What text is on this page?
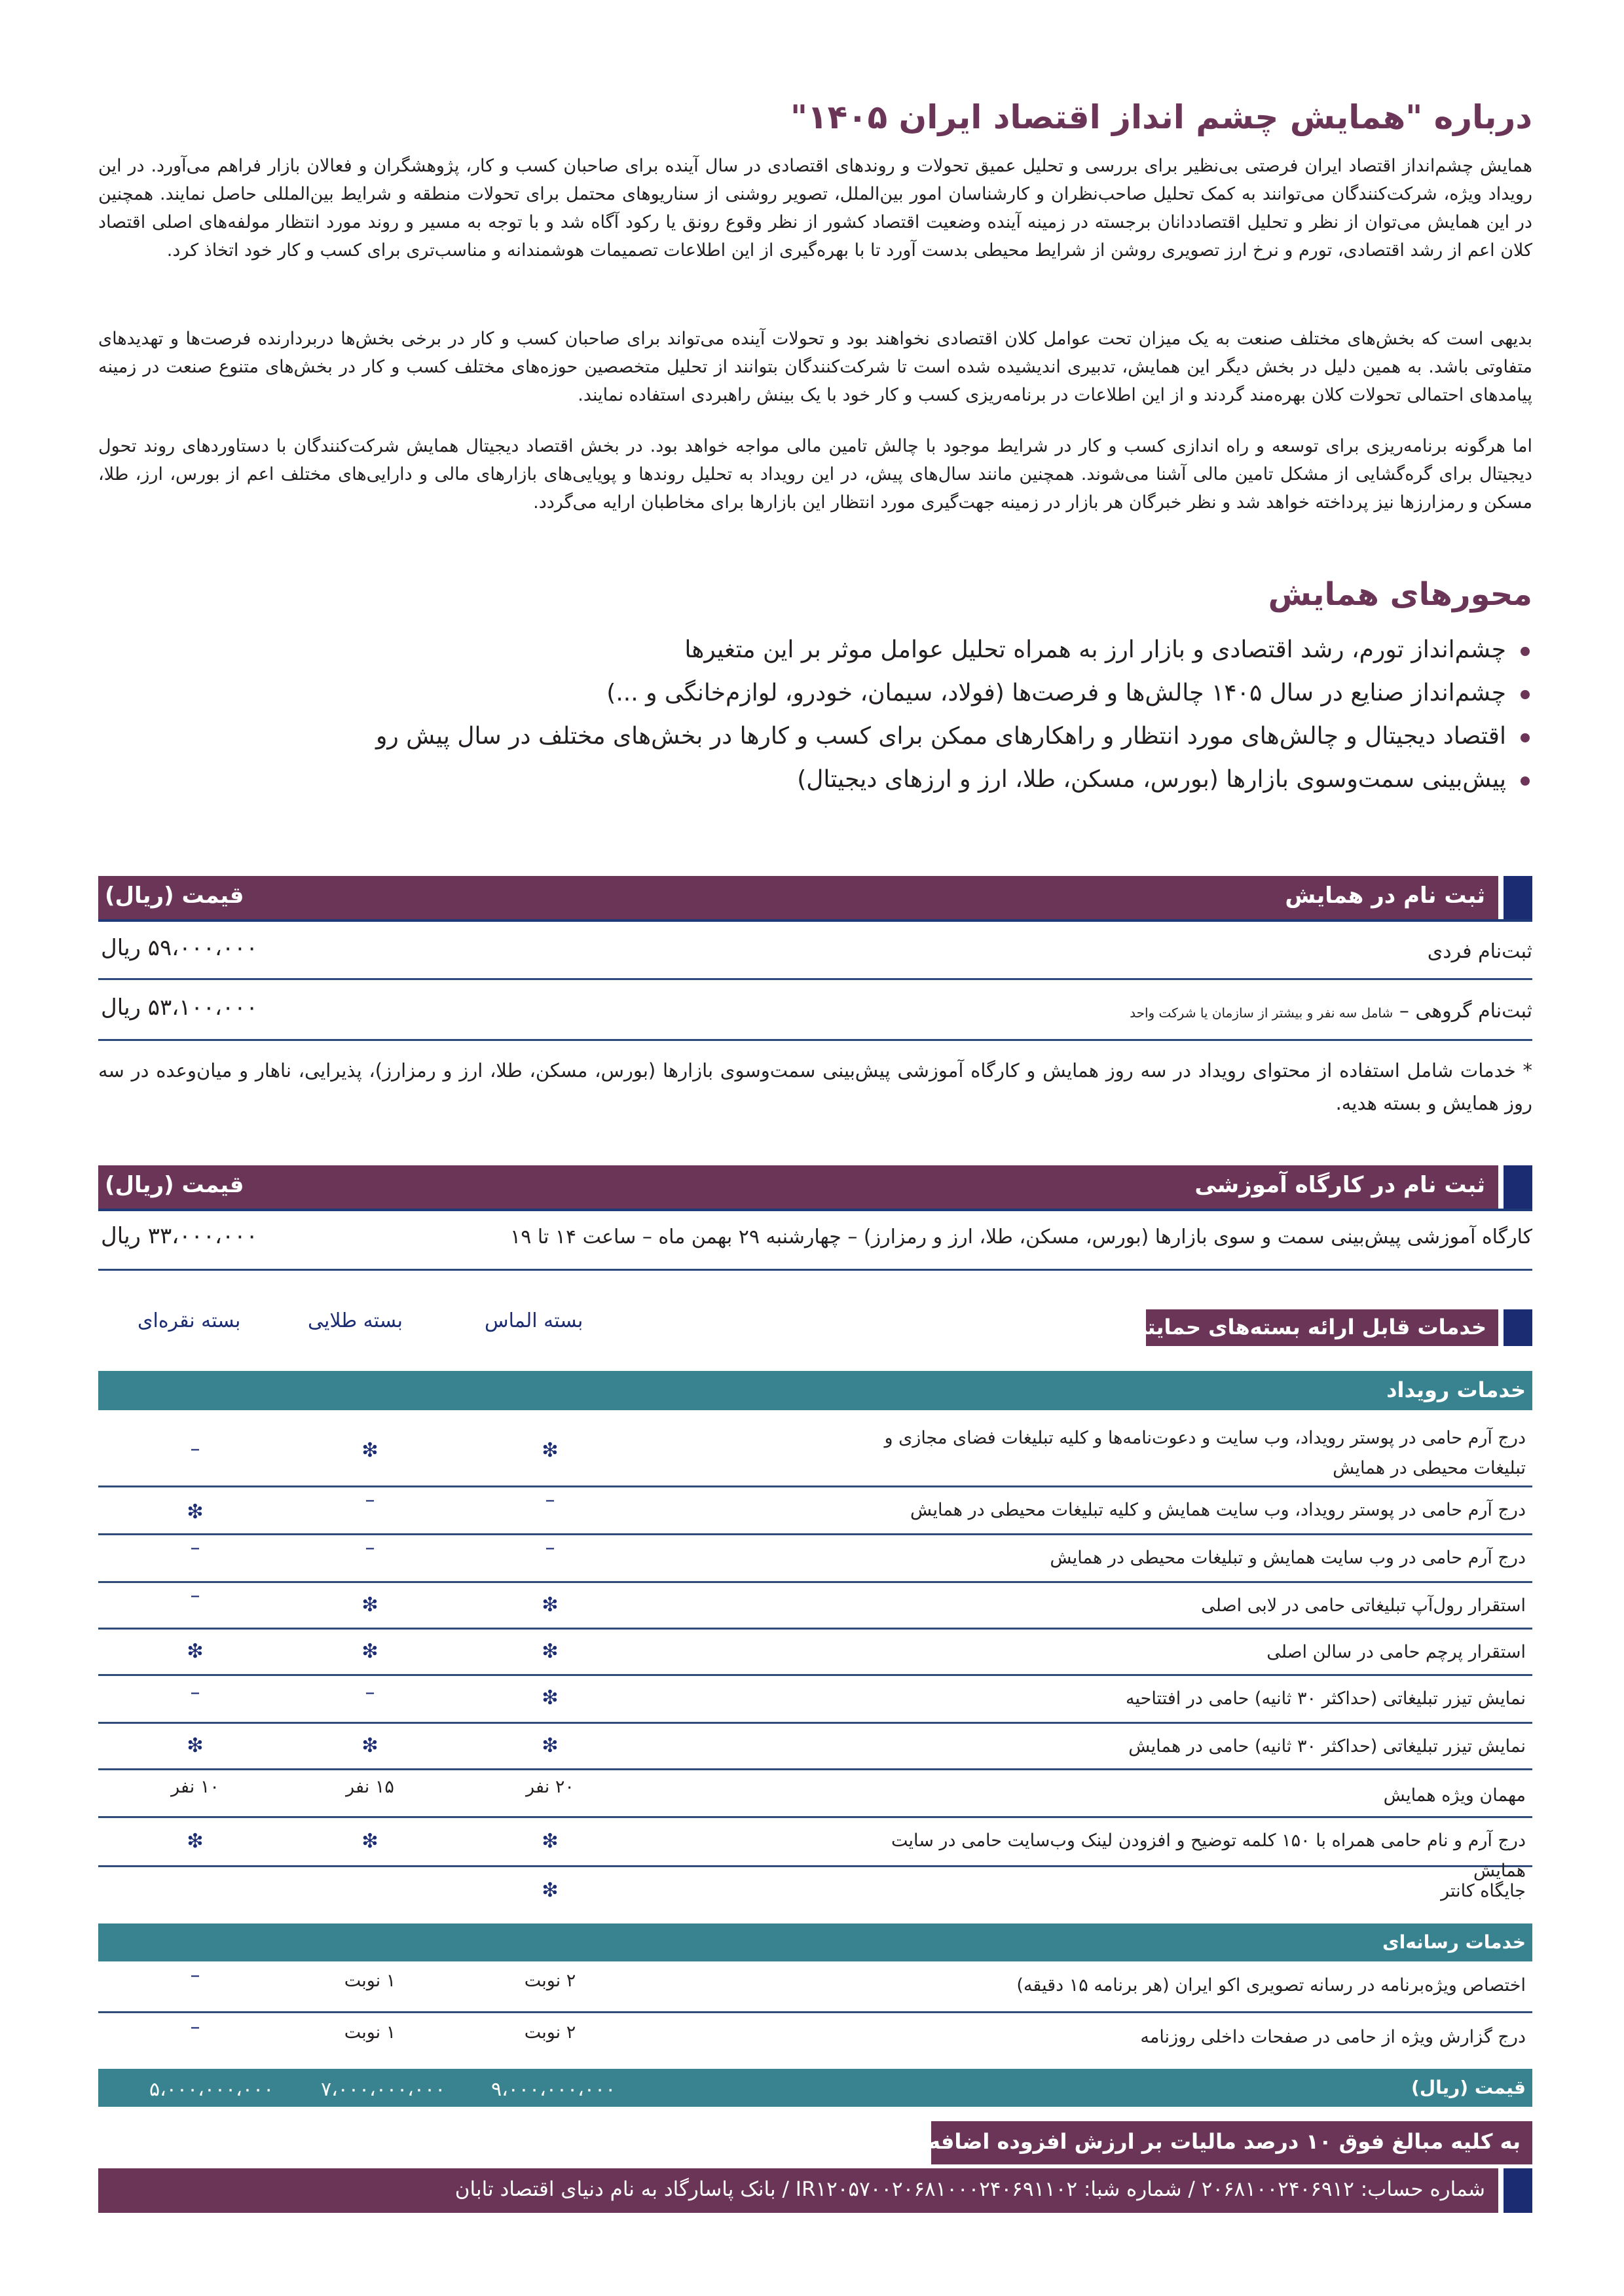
درباره "همایش چشم انداز اقتصاد ایران ۱۴۰۵"

همایش چشم‌انداز اقتصاد ایران فرصتی بی‌نظیر برای بررسی و تحلیل عمیق تحولات و روندهای اقتصادی در سال آینده برای صاحبان کسب و کار، پژوهشگران و فعالان بازار فراهم می‌آورد. در این رویداد ویژه، شرکت‌کنندگان می‌توانند به کمک تحلیل صاحب‌نظران و کارشناسان امور بین‌الملل، تصویر روشنی از سناریوهای محتمل برای تحولات منطقه و شرایط بین‌المللی حاصل نمایند. همچنین در این همایش می‌توان از نظر و تحلیل اقتصاددانان برجسته در زمینه آینده وضعیت اقتصاد کشور از نظر وقوع رونق یا رکود آگاه شد و با توجه به مسیر و روند مورد انتظار مولفه‌های اصلی اقتصاد کلان اعم از رشد اقتصادی، تورم و نرخ ارز تصویری روشن از شرایط محیطی بدست آورد تا با بهره‌گیری از این اطلاعات تصمیمات هوشمندانه و مناسب‌تری برای کسب و کار خود اتخاذ کرد.

بدیهی است که بخش‌های مختلف صنعت به یک میزان تحت عوامل کلان اقتصادی نخواهند بود و تحولات آینده می‌تواند برای صاحبان کسب و کار در برخی بخش‌ها دربردارنده فرصت‌ها و تهدیدهای متفاوتی باشد. به همین دلیل در بخش دیگر این همایش، تدبیری اندیشیده شده است تا شرکت‌کنندگان بتوانند از تحلیل متخصصین حوزه‌های مختلف کسب و کار در بخش‌های متنوع صنعت در زمینه پیامدهای احتمالی تحولات کلان بهره‌مند گردند و از این اطلاعات در برنامه‌ریزی کسب و کار خود با یک بینش راهبردی استفاده نمایند.

اما هرگونه برنامه‌ریزی برای توسعه و راه اندازی کسب و کار در شرایط موجود با چالش تامین مالی مواجه خواهد بود. در بخش اقتصاد دیجیتال همایش شرکت‌کنندگان با دستاوردهای روند تحول دیجیتال برای گره‌گشایی از مشکل تامین مالی آشنا می‌شوند. همچنین مانند سال‌های پیش، در این رویداد به تحلیل روندها و پویایی‌های بازارهای مالی و دارایی‌های مختلف اعم از بورس، ارز، طلا، مسکن و رمزارزها نیز پرداخته خواهد شد و نظر خبرگان هر بازار در زمینه جهت‌گیری مورد انتظار این بازارها برای مخاطبان ارایه می‌گردد.

محورهای همایش
چشم‌انداز تورم، رشد اقتصادی و بازار ارز به همراه تحلیل عوامل موثر بر این متغیرها
چشم‌انداز صنایع در سال ۱۴۰۵ چالش‌ها و فرصت‌ها (فولاد، سیمان، خودرو، لوازم‌خانگی و ...)
اقتصاد دیجیتال و چالش‌های مورد انتظار و راهکارهای ممکن برای کسب و کارها در بخش‌های مختلف در سال پیش رو
پیش‌بینی سمت‌وسوی بازارها (بورس، مسکن، طلا، ارز و ارزهای دیجیتال)
ثبت نام در همایش
قیمت (ریال)
ثبت‌نام فردی
۵۹،۰۰۰،۰۰۰ ریال
ثبت‌نام گروهی – شامل سه نفر و بیشتر از سازمان یا شرکت واحد
۵۳،۱۰۰،۰۰۰ ریال
* خدمات شامل استفاده از محتوای رویداد در سه روز همایش و کارگاه آموزشی پیش‌بینی سمت‌وسوی بازارها (بورس، مسکن، طلا، ارز و رمزارز)، پذیرایی، ناهار و میان‌وعده در سه روز همایش و بسته هدیه.
ثبت نام در کارگاه آموزشی
قیمت (ریال)
کارگاه آموزشی پیش‌بینی سمت و سوی بازارها (بورس، مسکن، طلا، ارز و رمزارز) – چهارشنبه ۲۹ بهمن ماه – ساعت ۱۴ تا ۱۹
۳۳،۰۰۰،۰۰۰ ریال
خدمات قابل ارائه بسته‌های حمایتی
بسته الماس
بسته طلایی
بسته نقره‌ای
خدمات رویداد
درج آرم حامی در پوستر رویداد، وب سایت و دعوت‌نامه‌ها و کلیه تبلیغات فضای مجازی و تبلیغات محیطی در همایش
❇
❇
–
درج آرم حامی در پوستر رویداد، وب سایت همایش و کلیه تبلیغات محیطی در همایش
–
–
❇
درج آرم حامی در وب سایت همایش و تبلیغات محیطی در همایش
–
–
–
استقرار رول‌آپ تبلیغاتی حامی در لابی اصلی
❇
❇
–
استقرار پرچم حامی در سالن اصلی
❇
❇
❇
نمایش تیزر تبلیغاتی (حداکثر ۳۰ ثانیه) حامی در افتتاحیه
❇
–
–
نمایش تیزر تبلیغاتی (حداکثر ۳۰ ثانیه) حامی در همایش
❇
❇
❇
مهمان ویژه همایش
۲۰ نفر
۱۵ نفر
۱۰ نفر
درج آرم و نام حامی همراه با ۱۵۰ کلمه توضیح و افزودن لینک وب‌سایت حامی در سایت همایش
❇
❇
❇
جایگاه کانتر
❇
خدمات رسانه‌ای
اختصاص ویژه‌برنامه در رسانه تصویری اکو ایران (هر برنامه ۱۵ دقیقه)
۲ نوبت
۱ نوبت
–
درج گزارش ویژه از حامی در صفحات داخلی روزنامه
۲ نوبت
۱ نوبت
–
قیمت (ریال)
۹،۰۰۰،۰۰۰،۰۰۰
۷،۰۰۰،۰۰۰،۰۰۰
۵،۰۰۰،۰۰۰،۰۰۰
به کلیه مبالغ فوق ۱۰ درصد مالیات بر ارزش افزوده اضافه می گردد
شماره حساب: ۲۰۶۸۱۰۰۲۴۰۶۹۱۲ / شماره شبا: IR۱۲۰۵۷۰۰۲۰۶۸۱۰۰۰۲۴۰۶۹۱۱۰۲ / بانک پاسارگاد به نام دنیای اقتصاد تابان
